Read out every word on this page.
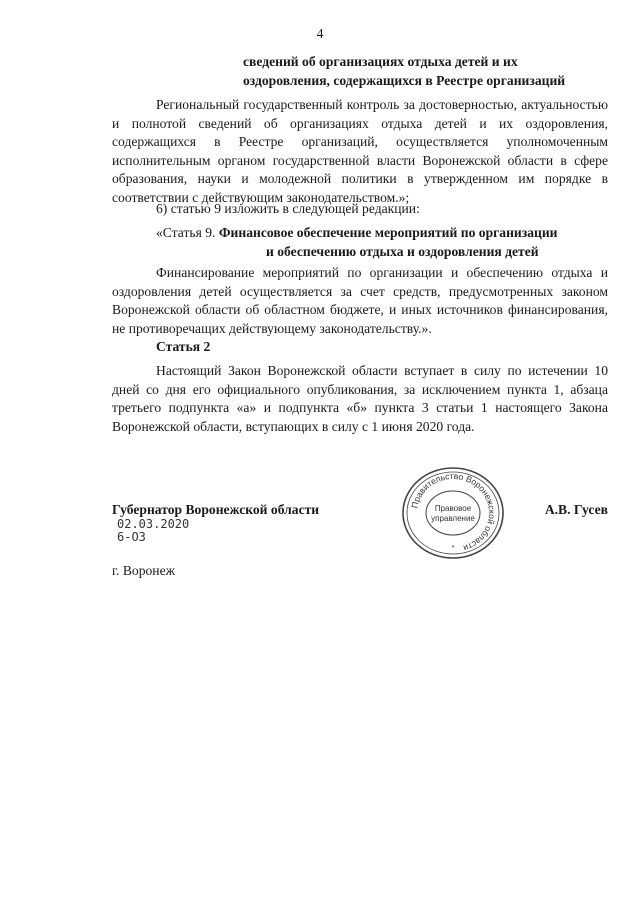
4
сведений об организациях отдыха детей и их
оздоровления, содержащихся в Реестре организаций

Региональный государственный контроль за достоверностью, актуальностью и полнотой сведений об организациях отдыха детей и их оздоровления, содержащихся в Реестре организаций, осуществляется уполномоченным исполнительным органом государственной власти Воронежской области в сфере образования, науки и молодежной политики в утвержденном им порядке в соответствии с действующим законодательством.»;

6) статью 9 изложить в следующей редакции:

«Статья 9. Финансовое обеспечение мероприятий по организации
и обеспечению отдыха и оздоровления детей

Финансирование мероприятий по организации и обеспечению отдыха и оздоровления детей осуществляется за счет средств, предусмотренных законом Воронежской области об областном бюджете, и иных источников финансирования, не противоречащих действующему законодательству.».

Статья 2

Настоящий Закон Воронежской области вступает в силу по истечении 10 дней со дня его официального опубликования, за исключением пункта 1, абзаца третьего подпункта «а» и подпункта «б» пункта 3 статьи 1 настоящего Закона Воронежской области, вступающих в силу с 1 июня 2020 года.

Губернатор Воронежской области
02.03.2020
6-ОЗ
Правительство Воронежской области
Правовое
управление
*
А.В. Гусев
г. Воронеж
